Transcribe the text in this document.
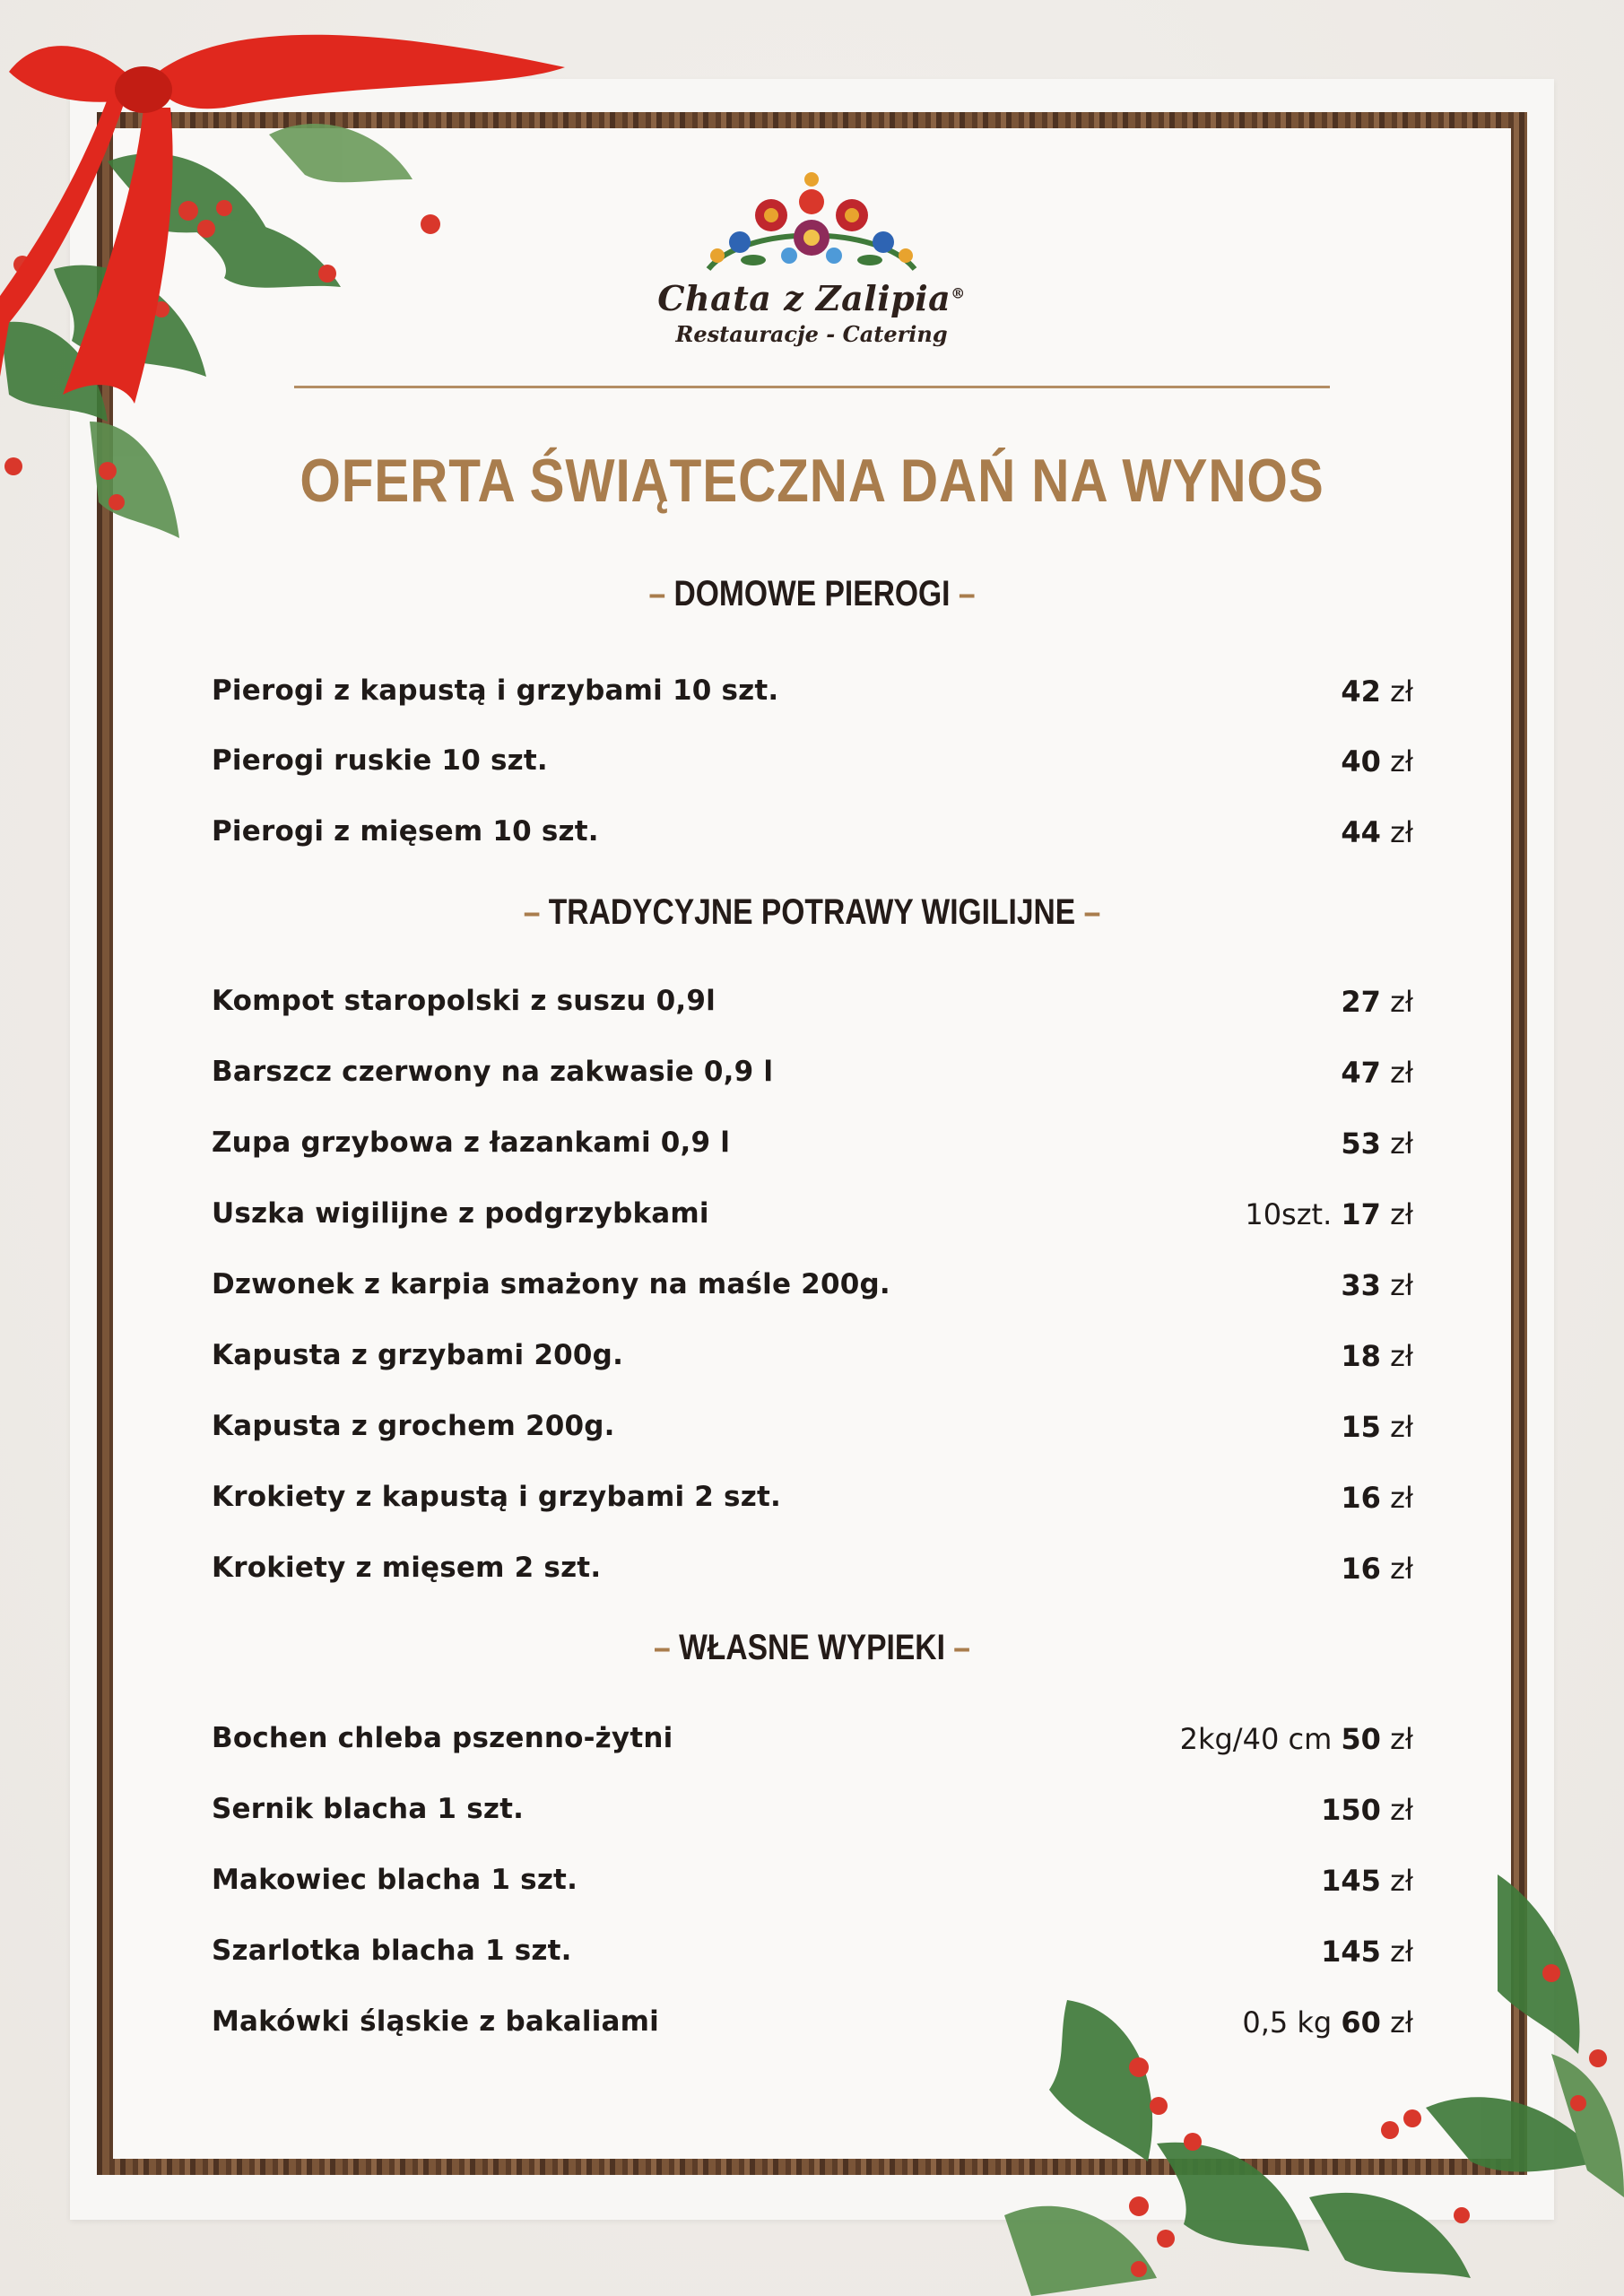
Chata z Zalipia®
Restauracje - Catering
OFERTA ŚWIĄTECZNA DAŃ NA WYNOS
– DOMOWE PIEROGI –
Pierogi z kapustą i grzybami 10 szt.	42 zł
Pierogi ruskie 10 szt.	40 zł
Pierogi z mięsem 10 szt.	44 zł
– TRADYCYJNE POTRAWY WIGILIJNE –
Kompot staropolski z suszu 0,9l	27 zł
Barszcz czerwony na zakwasie 0,9 l	47 zł
Zupa grzybowa z łazankami 0,9 l	53 zł
Uszka wigilijne z podgrzybkami	10szt. 17 zł
Dzwonek z karpia smażony na maśle 200g.	33 zł
Kapusta z grzybami 200g.	18 zł
Kapusta z grochem 200g.	15 zł
Krokiety z kapustą i grzybami 2 szt.	16 zł
Krokiety z mięsem 2 szt.	16 zł
– WŁASNE WYPIEKI –
Bochen chleba pszenno-żytni	2kg/40 cm 50 zł
Sernik blacha 1 szt.	150 zł
Makowiec blacha 1 szt.	145 zł
Szarlotka blacha 1 szt.	145 zł
Makówki śląskie z bakaliami	0,5 kg 60 zł
